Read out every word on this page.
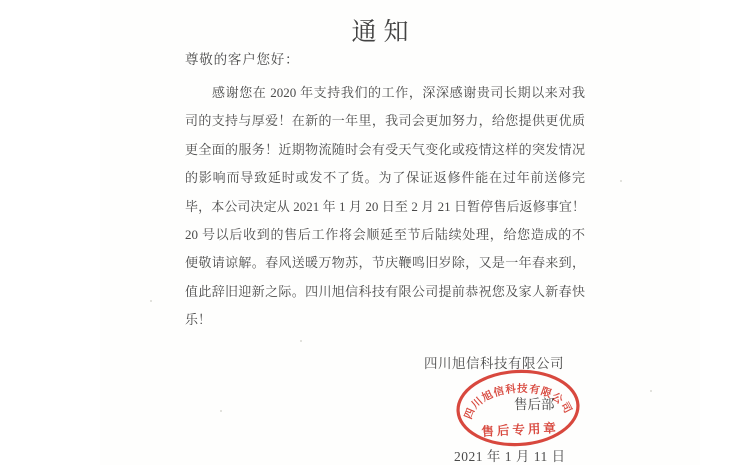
通知
尊敬的客户您好：
感谢您在 2020 年支持我们的工作，深深感谢贵司长期以来对我
司的支持与厚爱！在新的一年里，我司会更加努力，给您提供更优质
更全面的服务！近期物流随时会有受天气变化或疫情这样的突发情况
的影响而导致延时或发不了货。为了保证返修件能在过年前送修完
毕，本公司决定从 2021 年 1 月 20 日至 2 月 21 日暂停售后返修事宜！
20 号以后收到的售后工作将会顺延至节后陆续处理，给您造成的不
便敬请谅解。春风送暖万物苏，节庆鞭鸣旧岁除，又是一年春来到，
值此辞旧迎新之际。四川旭信科技有限公司提前恭祝您及家人新春快
乐！
四川旭信科技有限公司
售后部
四川旭信科技有限公司
售后专用章
2021 年 1 月 11 日
